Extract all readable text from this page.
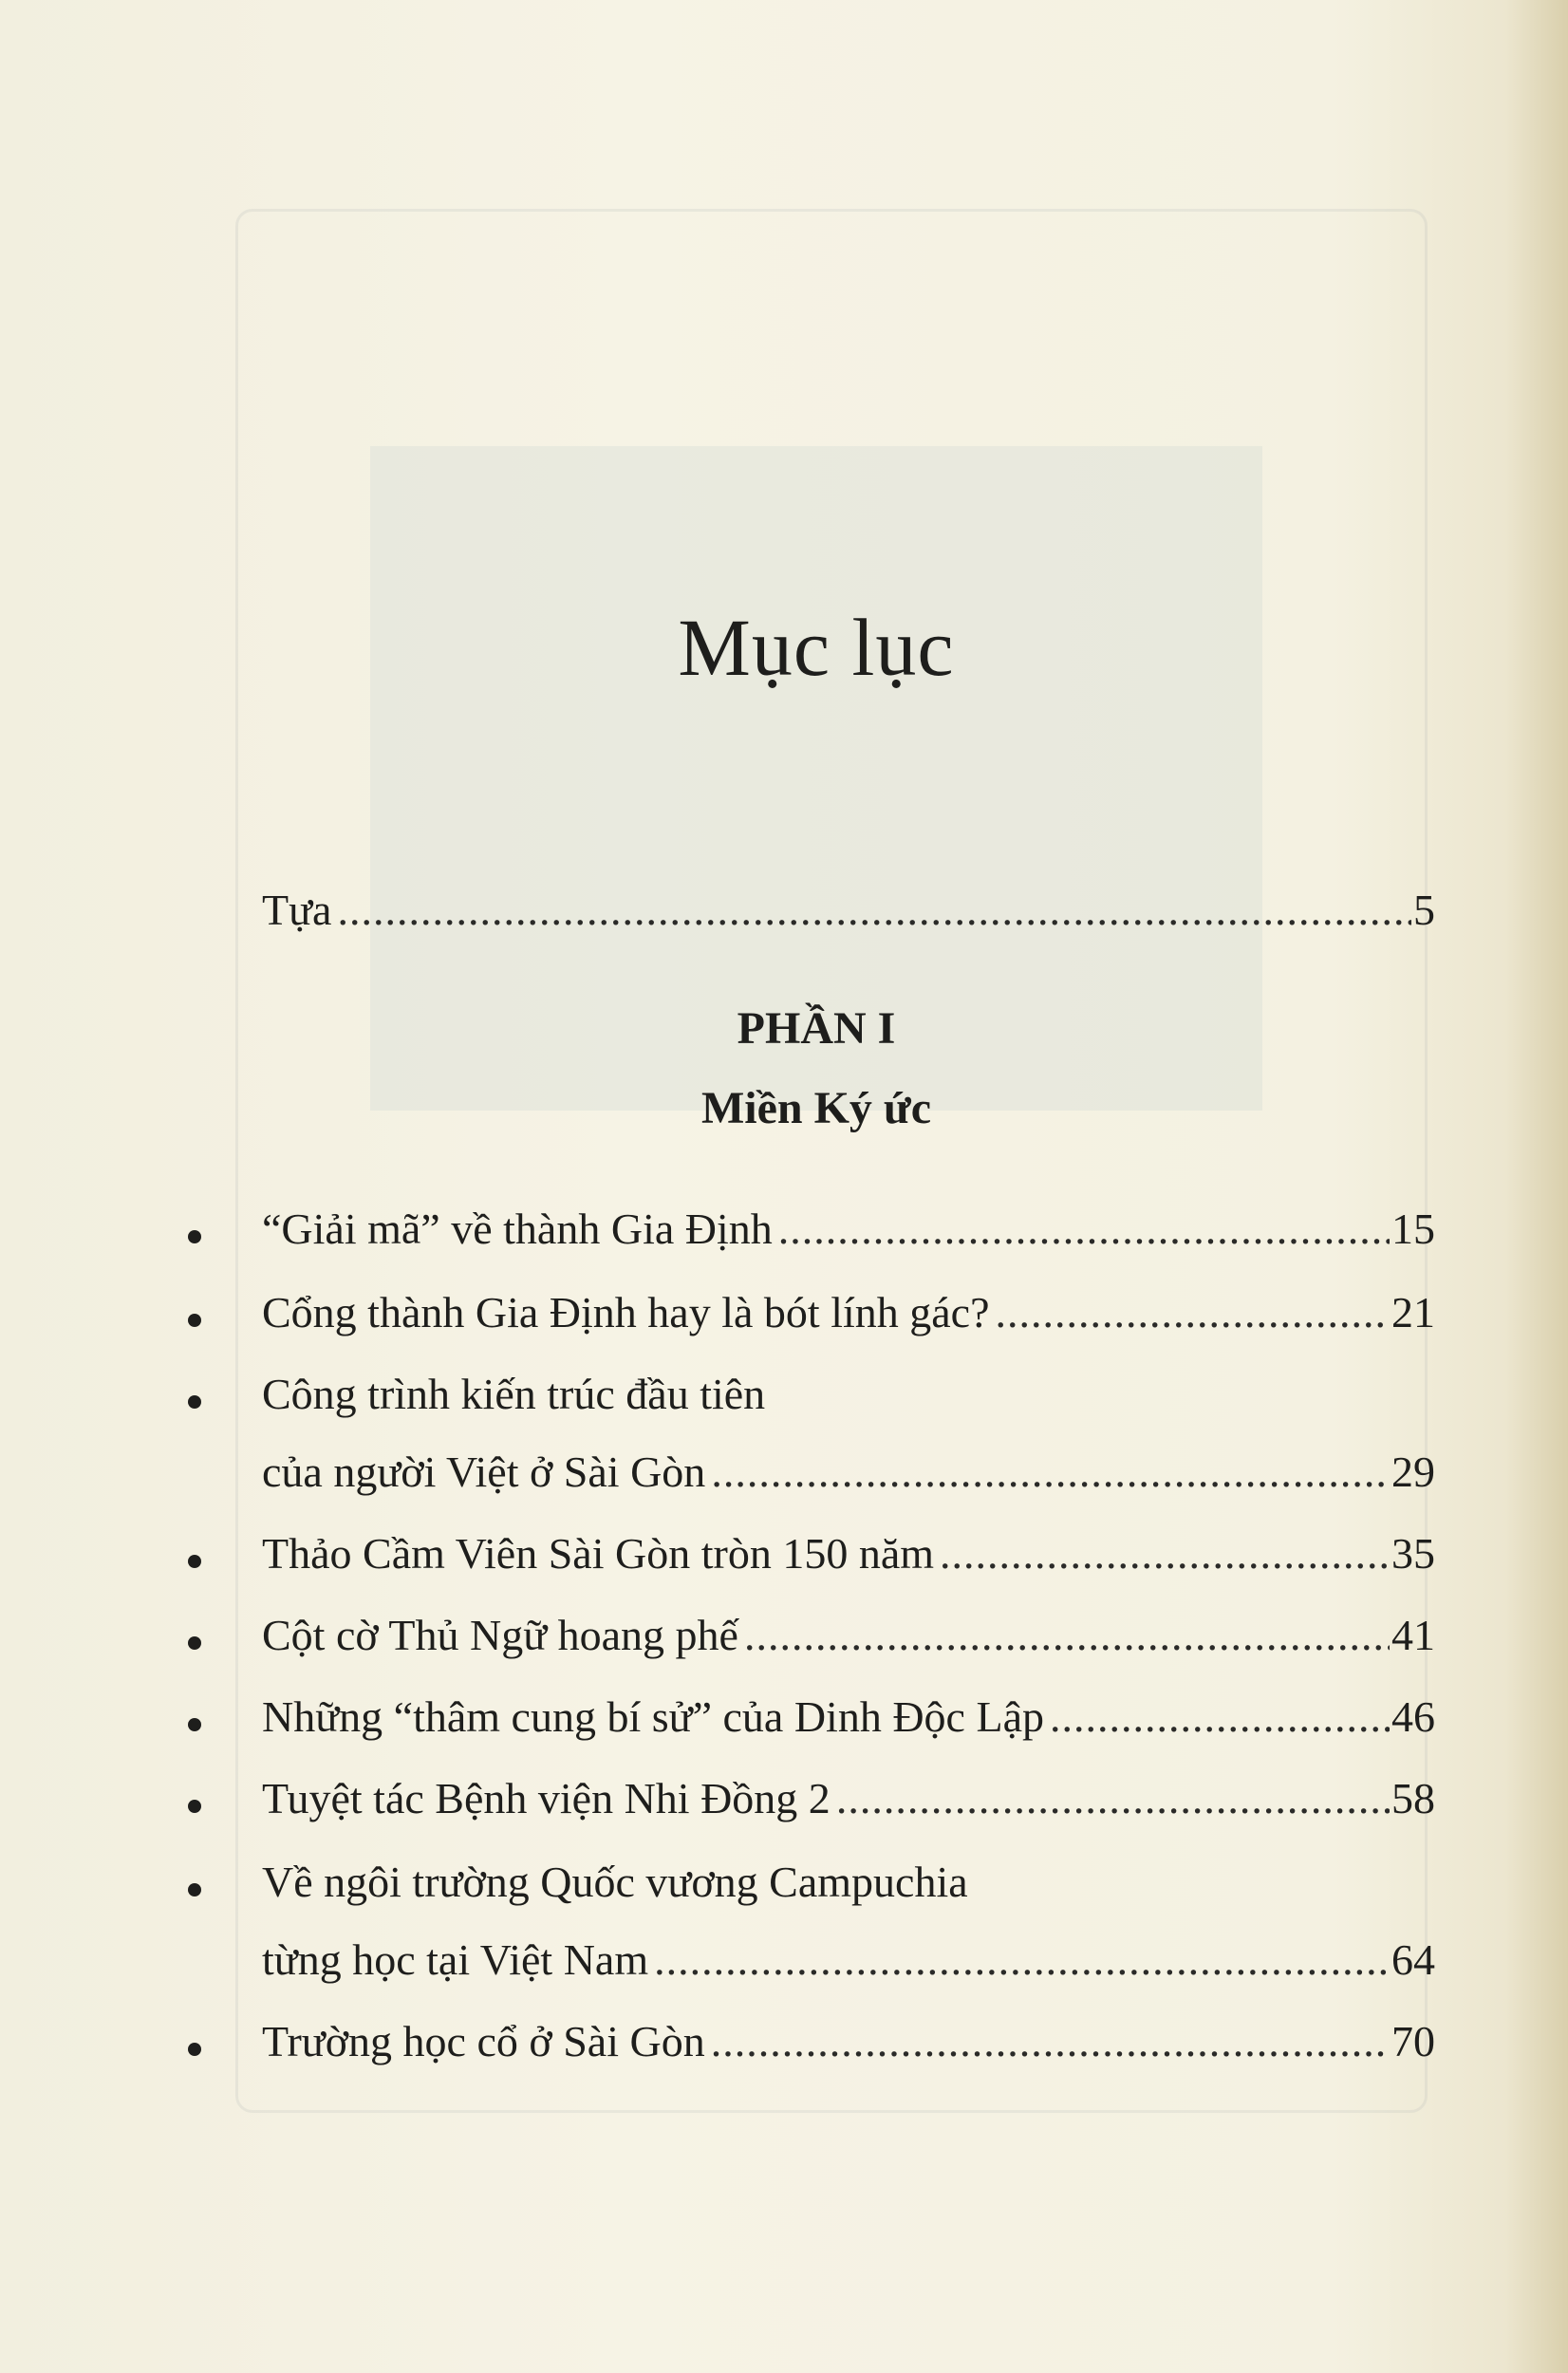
Mục lục
Tựa .....	5
PHẦN I
Miền Ký ức
“Giải mã” về thành Gia Định .....	15
Cổng thành Gia Định hay là bót lính gác? .....	21
Công trình kiến trúc đầu tiên
của người Việt ở Sài Gòn .....	29
Thảo Cầm Viên Sài Gòn tròn 150 năm .....	35
Cột cờ Thủ Ngữ hoang phế .....	41
Những “thâm cung bí sử” của Dinh Độc Lập .....	46
Tuyệt tác Bệnh viện Nhi Đồng 2 .....	58
Về ngôi trường Quốc vương Campuchia
từng học tại Việt Nam .....	64
Trường học cổ ở Sài Gòn .....	70
